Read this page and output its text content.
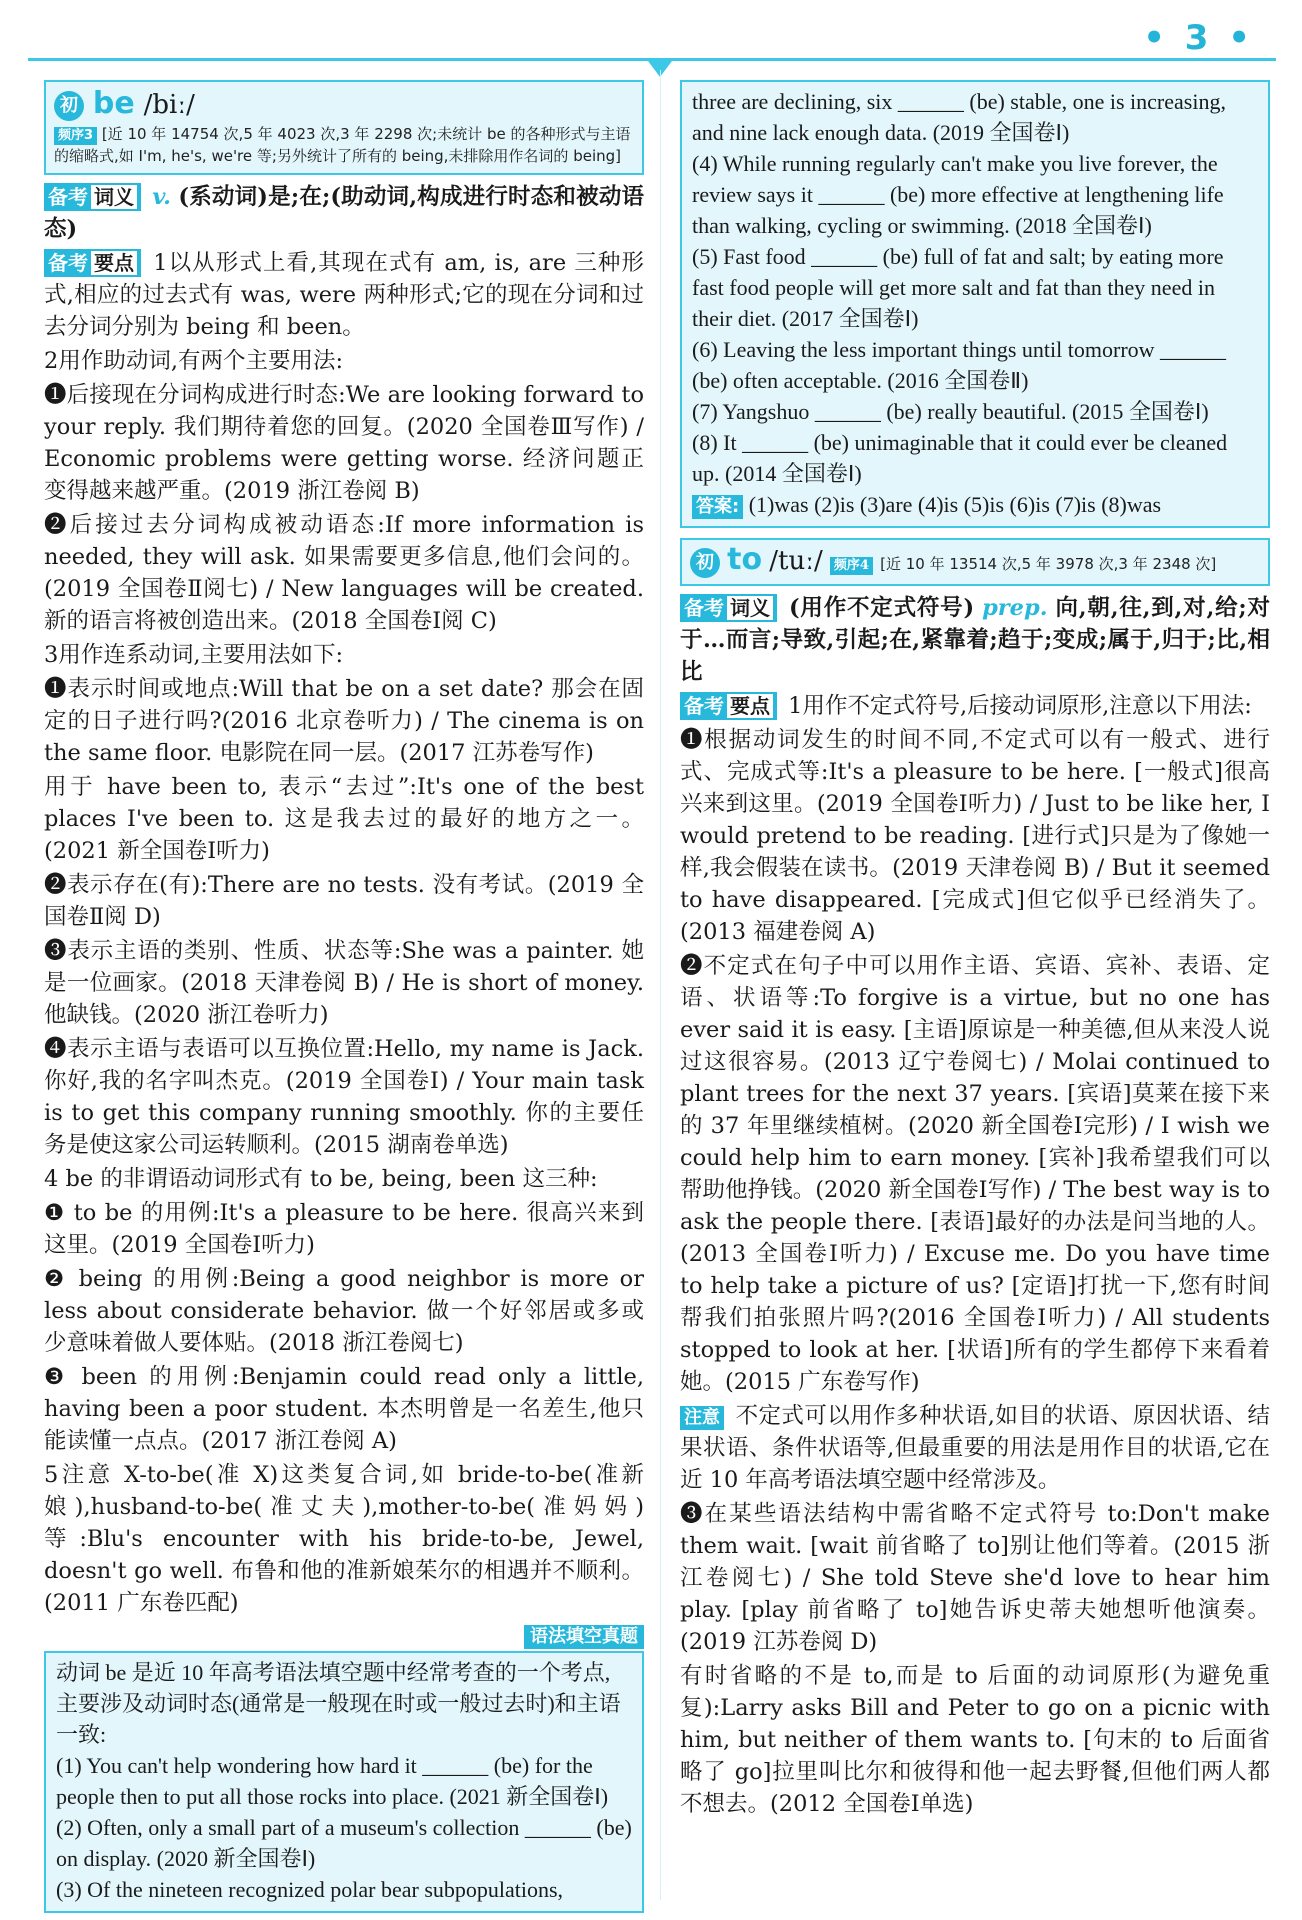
• 3 •
初 be /biː/
频序3 [近 10 年 14754 次,5 年 4023 次,3 年 2298 次;未统计 be 的各种形式与主语的缩略式,如 I'm, he's, we're 等;另外统计了所有的 being,未排除用作名词的 being]
备考 词义 v. (系动词)是;在;(助动词,构成进行时态和被动语态)
备考 要点 1以从形式上看,其现在式有 am, is, are 三种形式,相应的过去式有 was, were 两种形式;它的现在分词和过去分词分别为 being 和 been。
2用作助动词,有两个主要用法:
❶后接现在分词构成进行时态:We are looking forward to your reply. 我们期待着您的回复。(2020 全国卷Ⅲ写作) / Economic problems were getting worse. 经济问题正变得越来越严重。(2019 浙江卷阅 B)
❷后接过去分词构成被动语态:If more information is needed, they will ask. 如果需要更多信息,他们会问的。(2019 全国卷Ⅱ阅七) / New languages will be created. 新的语言将被创造出来。(2018 全国卷Ⅰ阅 C)
3用作连系动词,主要用法如下:
❶表示时间或地点:Will that be on a set date? 那会在固定的日子进行吗?(2016 北京卷听力) / The cinema is on the same floor. 电影院在同一层。(2017 江苏卷写作)
用于 have been to, 表示“去过”:It's one of the best places I've been to. 这是我去过的最好的地方之一。(2021 新全国卷Ⅰ听力)
❷表示存在(有):There are no tests. 没有考试。(2019 全国卷Ⅱ阅 D)
❸表示主语的类别、性质、状态等:She was a painter. 她是一位画家。(2018 天津卷阅 B) / He is short of money. 他缺钱。(2020 浙江卷听力)
❹表示主语与表语可以互换位置:Hello, my name is Jack. 你好,我的名字叫杰克。(2019 全国卷Ⅰ) / Your main task is to get this company running smoothly. 你的主要任务是使这家公司运转顺利。(2015 湖南卷单选)
4 be 的非谓语动词形式有 to be, being, been 这三种:
❶ to be 的用例:It's a pleasure to be here. 很高兴来到这里。(2019 全国卷Ⅰ听力)
❷ being 的用例:Being a good neighbor is more or less about considerate behavior. 做一个好邻居或多或少意味着做人要体贴。(2018 浙江卷阅七)
❸ been 的用例:Benjamin could read only a little, having been a poor student. 本杰明曾是一名差生,他只能读懂一点点。(2017 浙江卷阅 A)
5注意 X-to-be(准 X)这类复合词,如 bride-to-be(准新娘),husband-to-be(准丈夫),mother-to-be(准妈妈)等:Blu's encounter with his bride-to-be, Jewel, doesn't go well. 布鲁和他的准新娘茱尔的相遇并不顺利。(2011 广东卷匹配)
语法填空真题
动词 be 是近 10 年高考语法填空题中经常考查的一个考点,主要涉及动词时态(通常是一般现在时或一般过去时)和主语一致:
(1) You can't help wondering how hard it ______ (be) for the people then to put all those rocks into place. (2021 新全国卷Ⅰ)
(2) Often, only a small part of a museum's collection ______ (be) on display. (2020 新全国卷Ⅰ)
(3) Of the nineteen recognized polar bear subpopulations,
three are declining, six ______ (be) stable, one is increasing, and nine lack enough data. (2019 全国卷Ⅰ)
(4) While running regularly can't make you live forever, the review says it ______ (be) more effective at lengthening life than walking, cycling or swimming. (2018 全国卷Ⅰ)
(5) Fast food ______ (be) full of fat and salt; by eating more fast food people will get more salt and fat than they need in their diet. (2017 全国卷Ⅰ)
(6) Leaving the less important things until tomorrow ______ (be) often acceptable. (2016 全国卷Ⅱ)
(7) Yangshuo ______ (be) really beautiful. (2015 全国卷Ⅰ)
(8) It ______ (be) unimaginable that it could ever be cleaned up. (2014 全国卷Ⅰ)
答案: (1)was (2)is (3)are (4)is (5)is (6)is (7)is (8)was
初 to /tuː/ 频序4 [近 10 年 13514 次,5 年 3978 次,3 年 2348 次]
备考 词义 (用作不定式符号) prep. 向,朝,往,到,对,给;对于…而言;导致,引起;在,紧靠着;趋于;变成;属于,归于;比,相比
备考 要点 1用作不定式符号,后接动词原形,注意以下用法:
❶根据动词发生的时间不同,不定式可以有一般式、进行式、完成式等:It's a pleasure to be here. [一般式]很高兴来到这里。(2019 全国卷Ⅰ听力) / Just to be like her, I would pretend to be reading. [进行式]只是为了像她一样,我会假装在读书。(2019 天津卷阅 B) / But it seemed to have disappeared. [完成式]但它似乎已经消失了。(2013 福建卷阅 A)
❷不定式在句子中可以用作主语、宾语、宾补、表语、定语、状语等:To forgive is a virtue, but no one has ever said it is easy. [主语]原谅是一种美德,但从来没人说过这很容易。(2013 辽宁卷阅七) / Molai continued to plant trees for the next 37 years. [宾语]莫莱在接下来的 37 年里继续植树。(2020 新全国卷Ⅰ完形) / I wish we could help him to earn money. [宾补]我希望我们可以帮助他挣钱。(2020 新全国卷Ⅰ写作) / The best way is to ask the people there. [表语]最好的办法是问当地的人。(2013 全国卷Ⅰ听力) / Excuse me. Do you have time to help take a picture of us? [定语]打扰一下,您有时间帮我们拍张照片吗?(2016 全国卷Ⅰ听力) / All students stopped to look at her. [状语]所有的学生都停下来看着她。(2015 广东卷写作)
注意 不定式可以用作多种状语,如目的状语、原因状语、结果状语、条件状语等,但最重要的用法是用作目的状语,它在近 10 年高考语法填空题中经常涉及。
❸在某些语法结构中需省略不定式符号 to:Don't make them wait. [wait 前省略了 to]别让他们等着。(2015 浙江卷阅七) / She told Steve she'd love to hear him play. [play 前省略了 to]她告诉史蒂夫她想听他演奏。(2019 江苏卷阅 D)
有时省略的不是 to,而是 to 后面的动词原形(为避免重复):Larry asks Bill and Peter to go on a picnic with him, but neither of them wants to. [句末的 to 后面省略了 go]拉里叫比尔和彼得和他一起去野餐,但他们两人都不想去。(2012 全国卷Ⅰ单选)
